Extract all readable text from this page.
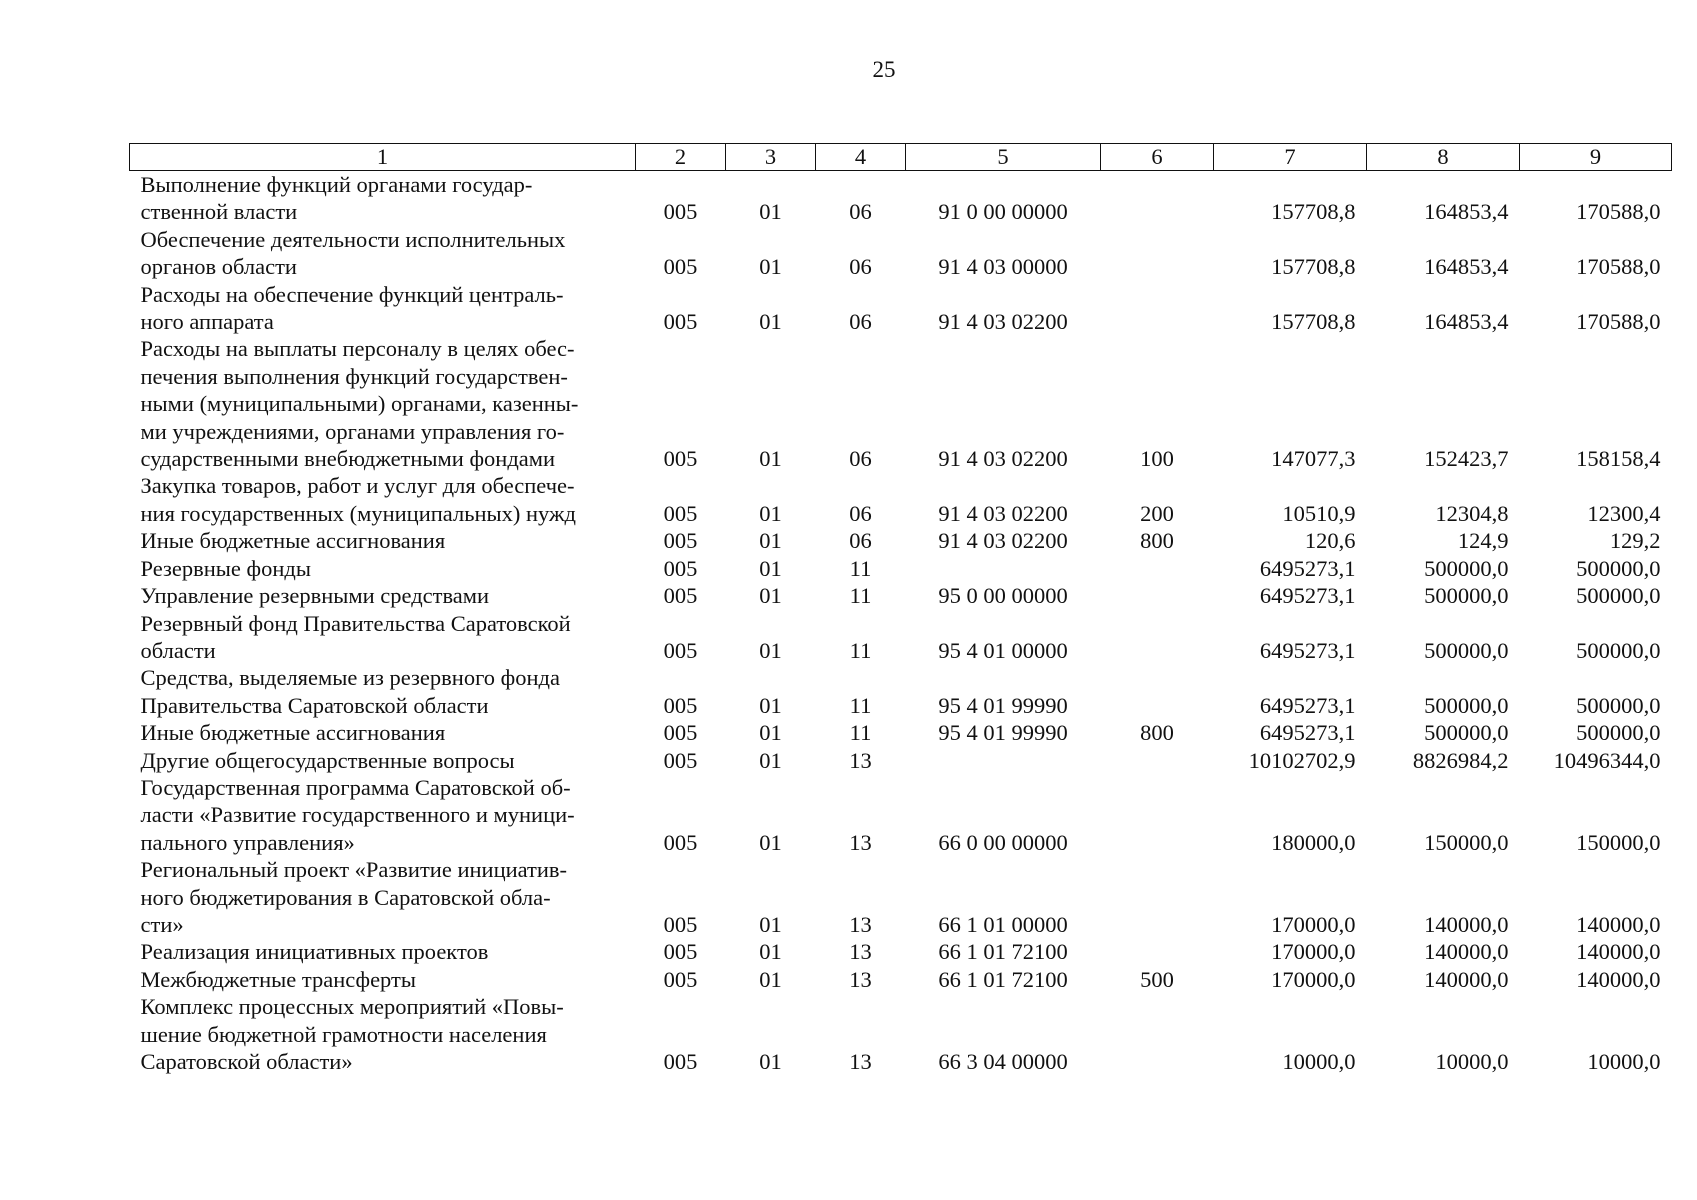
25
1	2	3	4	5	6	7	8	9
Выполнение функций органами государ-
ственной власти	005	01	06	91 0 00 00000		157708,8	164853,4	170588,0
Обеспечение деятельности исполнительных
органов области	005	01	06	91 4 03 00000		157708,8	164853,4	170588,0
Расходы на обеспечение функций централь-
ного аппарата	005	01	06	91 4 03 02200		157708,8	164853,4	170588,0
Расходы на выплаты персоналу в целях обес-
печения выполнения функций государствен-
ными (муниципальными) органами, казенны-
ми учреждениями, органами управления го-
сударственными внебюджетными фондами	005	01	06	91 4 03 02200	100	147077,3	152423,7	158158,4
Закупка товаров, работ и услуг для обеспече-
ния государственных (муниципальных) нужд	005	01	06	91 4 03 02200	200	10510,9	12304,8	12300,4
Иные бюджетные ассигнования	005	01	06	91 4 03 02200	800	120,6	124,9	129,2
Резервные фонды	005	01	11			6495273,1	500000,0	500000,0
Управление резервными средствами	005	01	11	95 0 00 00000		6495273,1	500000,0	500000,0
Резервный фонд Правительства Саратовской
области	005	01	11	95 4 01 00000		6495273,1	500000,0	500000,0
Средства, выделяемые из резервного фонда
Правительства Саратовской области	005	01	11	95 4 01 99990		6495273,1	500000,0	500000,0
Иные бюджетные ассигнования	005	01	11	95 4 01 99990	800	6495273,1	500000,0	500000,0
Другие общегосударственные вопросы	005	01	13			10102702,9	8826984,2	10496344,0
Государственная программа Саратовской об-
ласти «Развитие государственного и муници-
пального управления»	005	01	13	66 0 00 00000		180000,0	150000,0	150000,0
Региональный проект «Развитие инициатив-
ного бюджетирования в Саратовской обла-
сти»	005	01	13	66 1 01 00000		170000,0	140000,0	140000,0
Реализация инициативных проектов	005	01	13	66 1 01 72100		170000,0	140000,0	140000,0
Межбюджетные трансферты	005	01	13	66 1 01 72100	500	170000,0	140000,0	140000,0
Комплекс процессных мероприятий «Повы-
шение бюджетной грамотности населения
Саратовской области»	005	01	13	66 3 04 00000		10000,0	10000,0	10000,0
